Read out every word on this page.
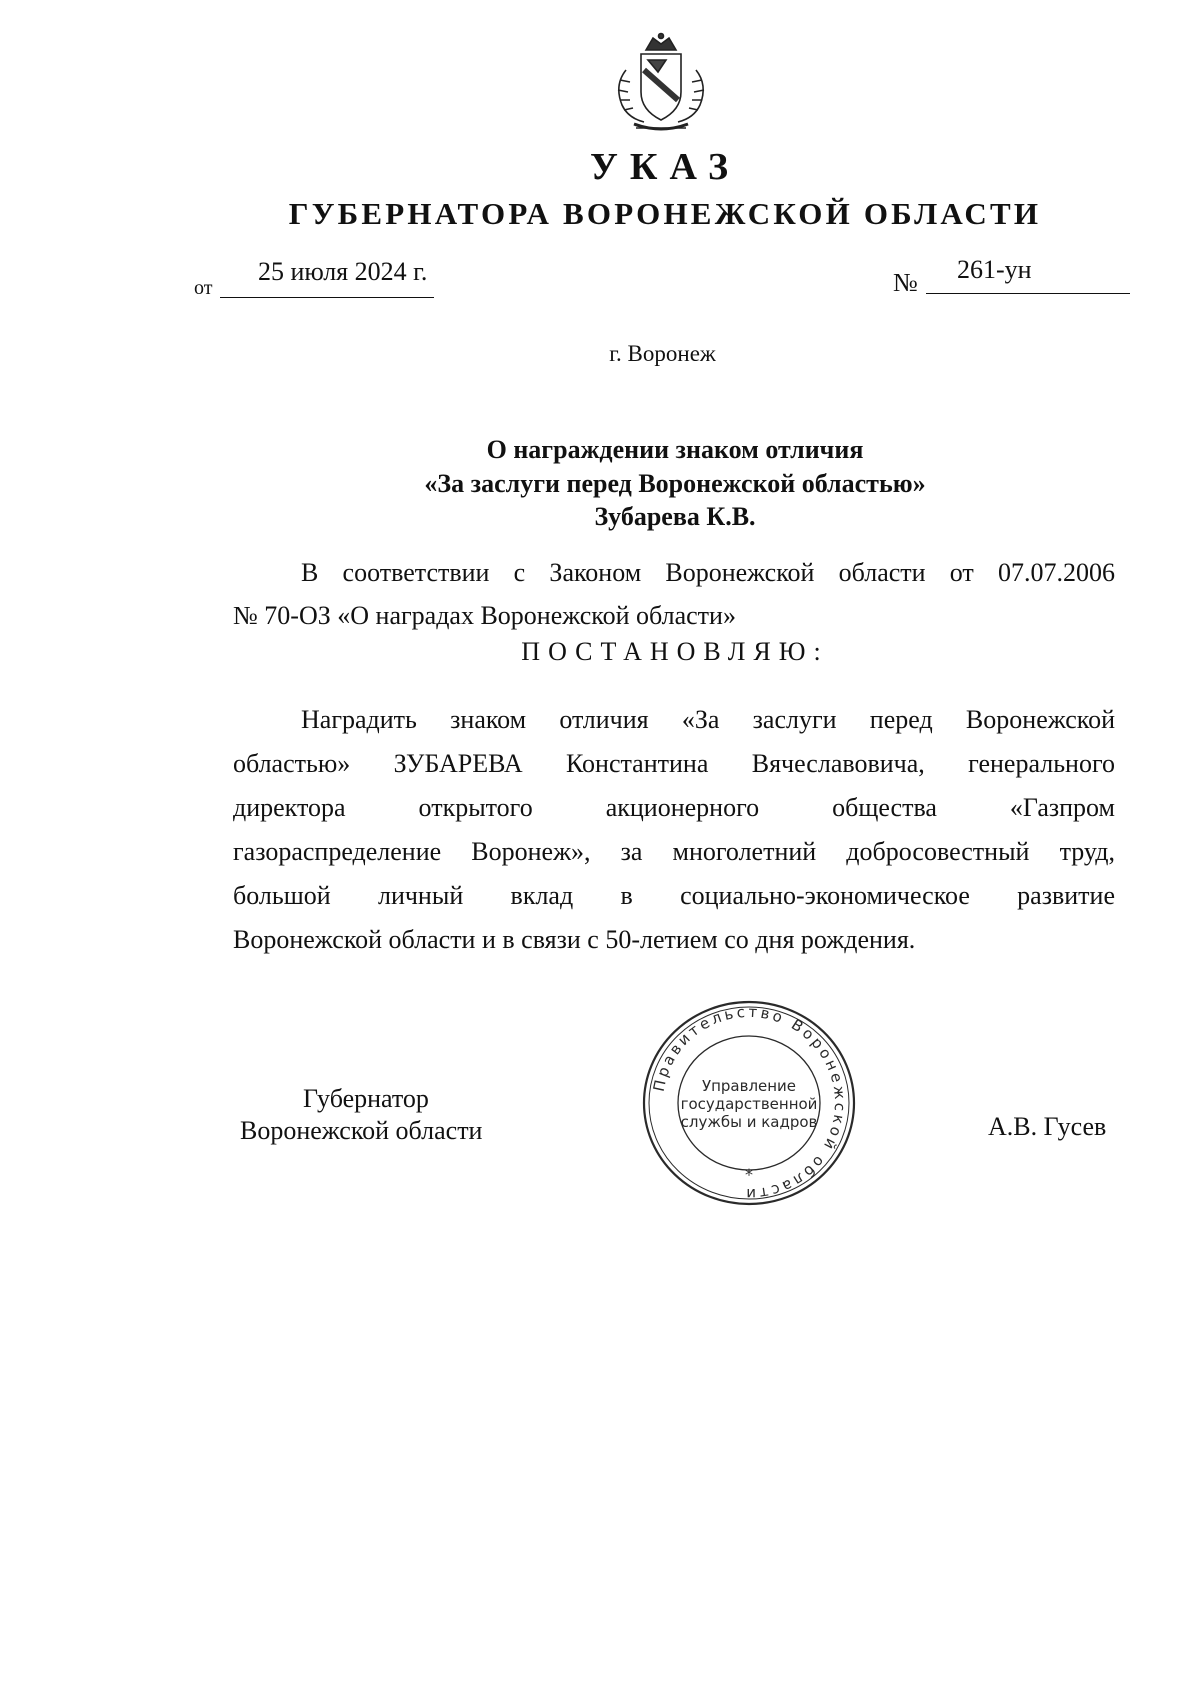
УКАЗ
ГУБЕРНАТОРА ВОРОНЕЖСКОЙ ОБЛАСТИ
от
25 июля 2024 г.	№ 261-ун
г. Воронеж
О награждении знаком отличия
«За заслуги перед Воронежской областью»
Зубарева К.В.
В соответствии с Законом Воронежской области от 07.07.2006
№ 70-ОЗ «О наградах Воронежской области»
ПОСТАНОВЛЯЮ:
Наградить знаком отличия «За заслуги перед Воронежской
областью» ЗУБАРЕВА Константина Вячеславовича, генерального
директора открытого акционерного общества «Газпром
газораспределение Воронеж», за многолетний добросовестный труд,
большой личный вклад в социально-экономическое развитие
Воронежской области и в связи с 50-летием со дня рождения.
Губернатор
Воронежской области	А.В. Гусев
Правительство Воронежской области
*
Управление
государственной
службы и кадров
